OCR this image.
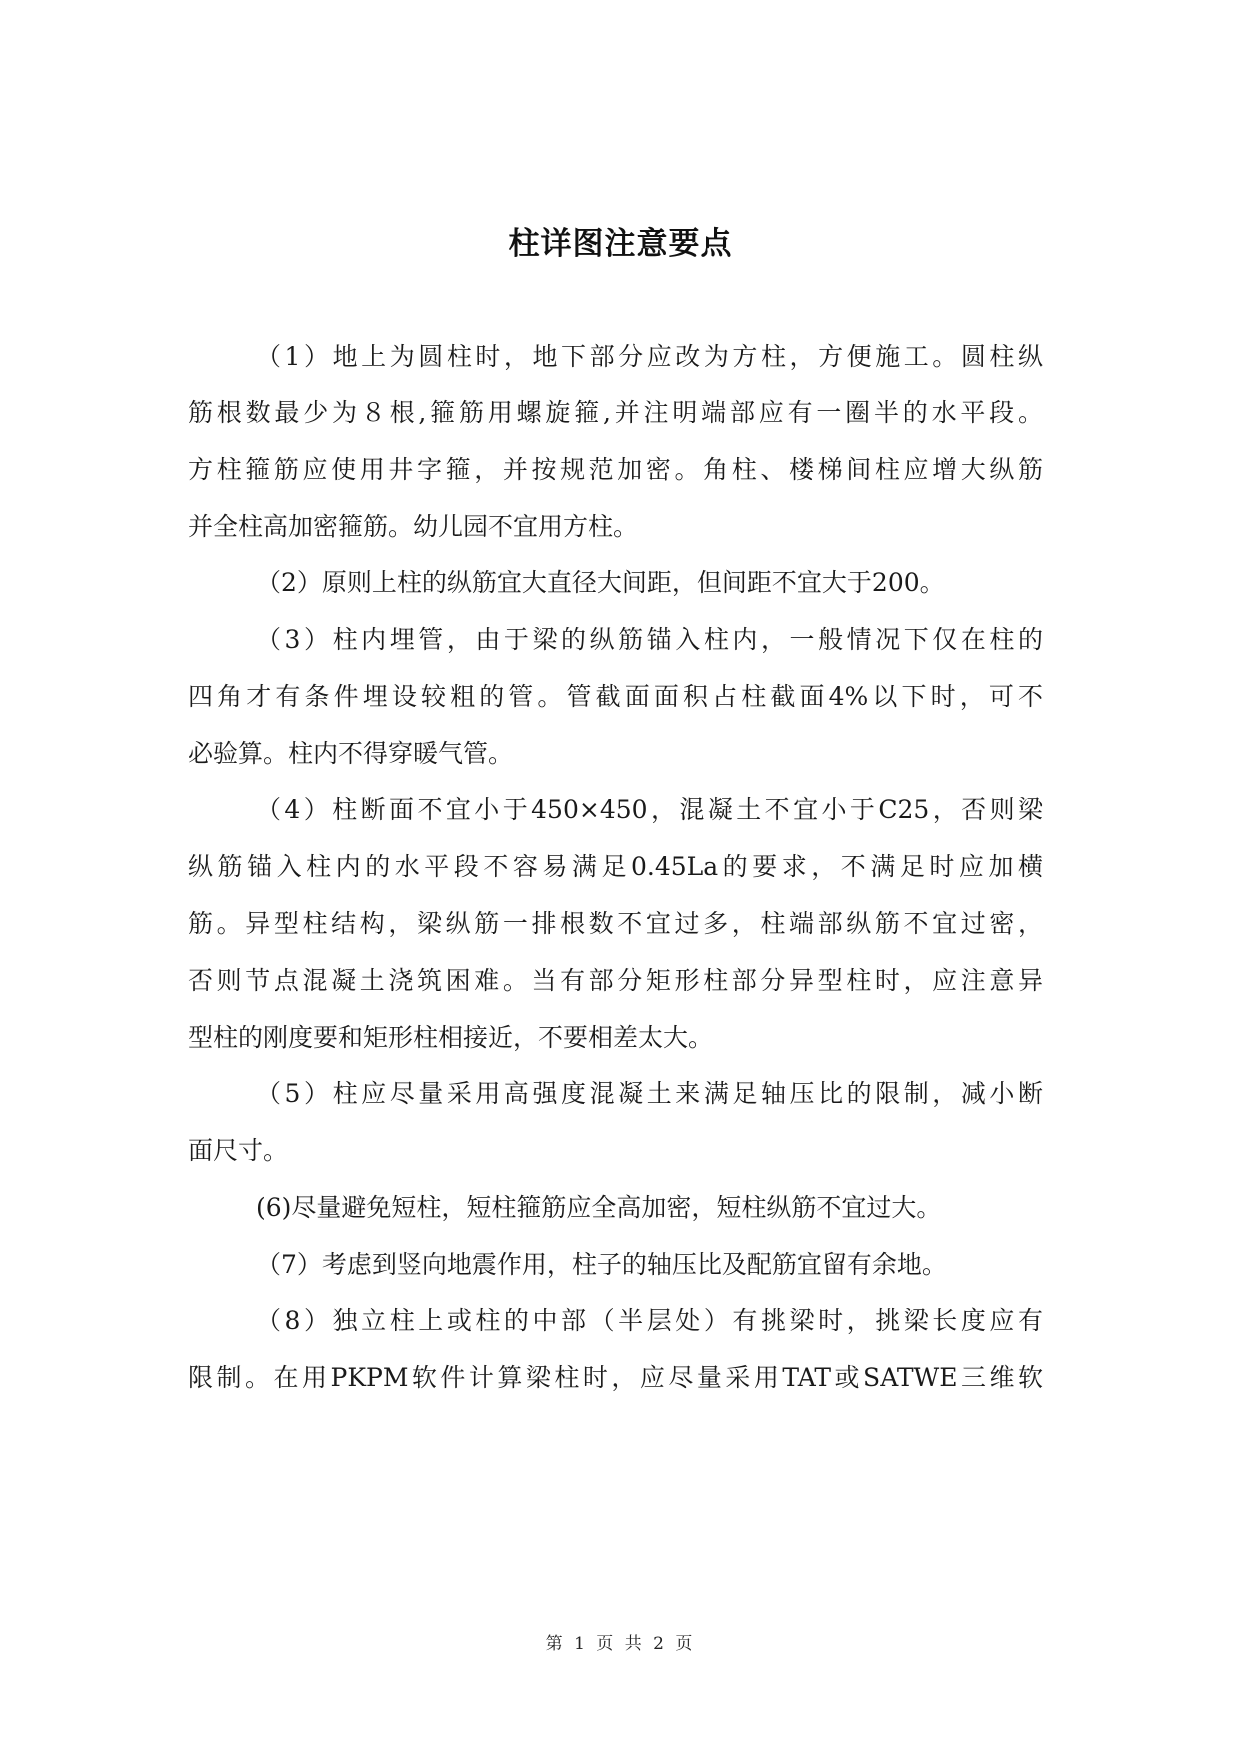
柱详图注意要点
（1）地上为圆柱时，地下部分应改为方柱，方便施工。圆柱纵
筋根数最少为８根,箍筋用螺旋箍,并注明端部应有一圈半的水平段。
方柱箍筋应使用井字箍，并按规范加密。角柱、楼梯间柱应增大纵筋
并全柱高加密箍筋。幼儿园不宜用方柱。
（2）原则上柱的纵筋宜大直径大间距，但间距不宜大于200。
（3）柱内埋管，由于梁的纵筋锚入柱内，一般情况下仅在柱的
四角才有条件埋设较粗的管。管截面面积占柱截面4%以下时，可不
必验算。柱内不得穿暖气管。
（4）柱断面不宜小于450×450，混凝土不宜小于C25，否则梁
纵筋锚入柱内的水平段不容易满足0.45La的要求，不满足时应加横
筋。异型柱结构，梁纵筋一排根数不宜过多，柱端部纵筋不宜过密，
否则节点混凝土浇筑困难。当有部分矩形柱部分异型柱时，应注意异
型柱的刚度要和矩形柱相接近，不要相差太大。
（5）柱应尽量采用高强度混凝土来满足轴压比的限制，减小断
面尺寸。
(6)尽量避免短柱，短柱箍筋应全高加密，短柱纵筋不宜过大。
（7）考虑到竖向地震作用，柱子的轴压比及配筋宜留有余地。
（8）独立柱上或柱的中部（半层处）有挑梁时，挑梁长度应有
限制。在用PKPM软件计算梁柱时，应尽量采用TAT或SATWE三维软
第 1 页 共 2 页
